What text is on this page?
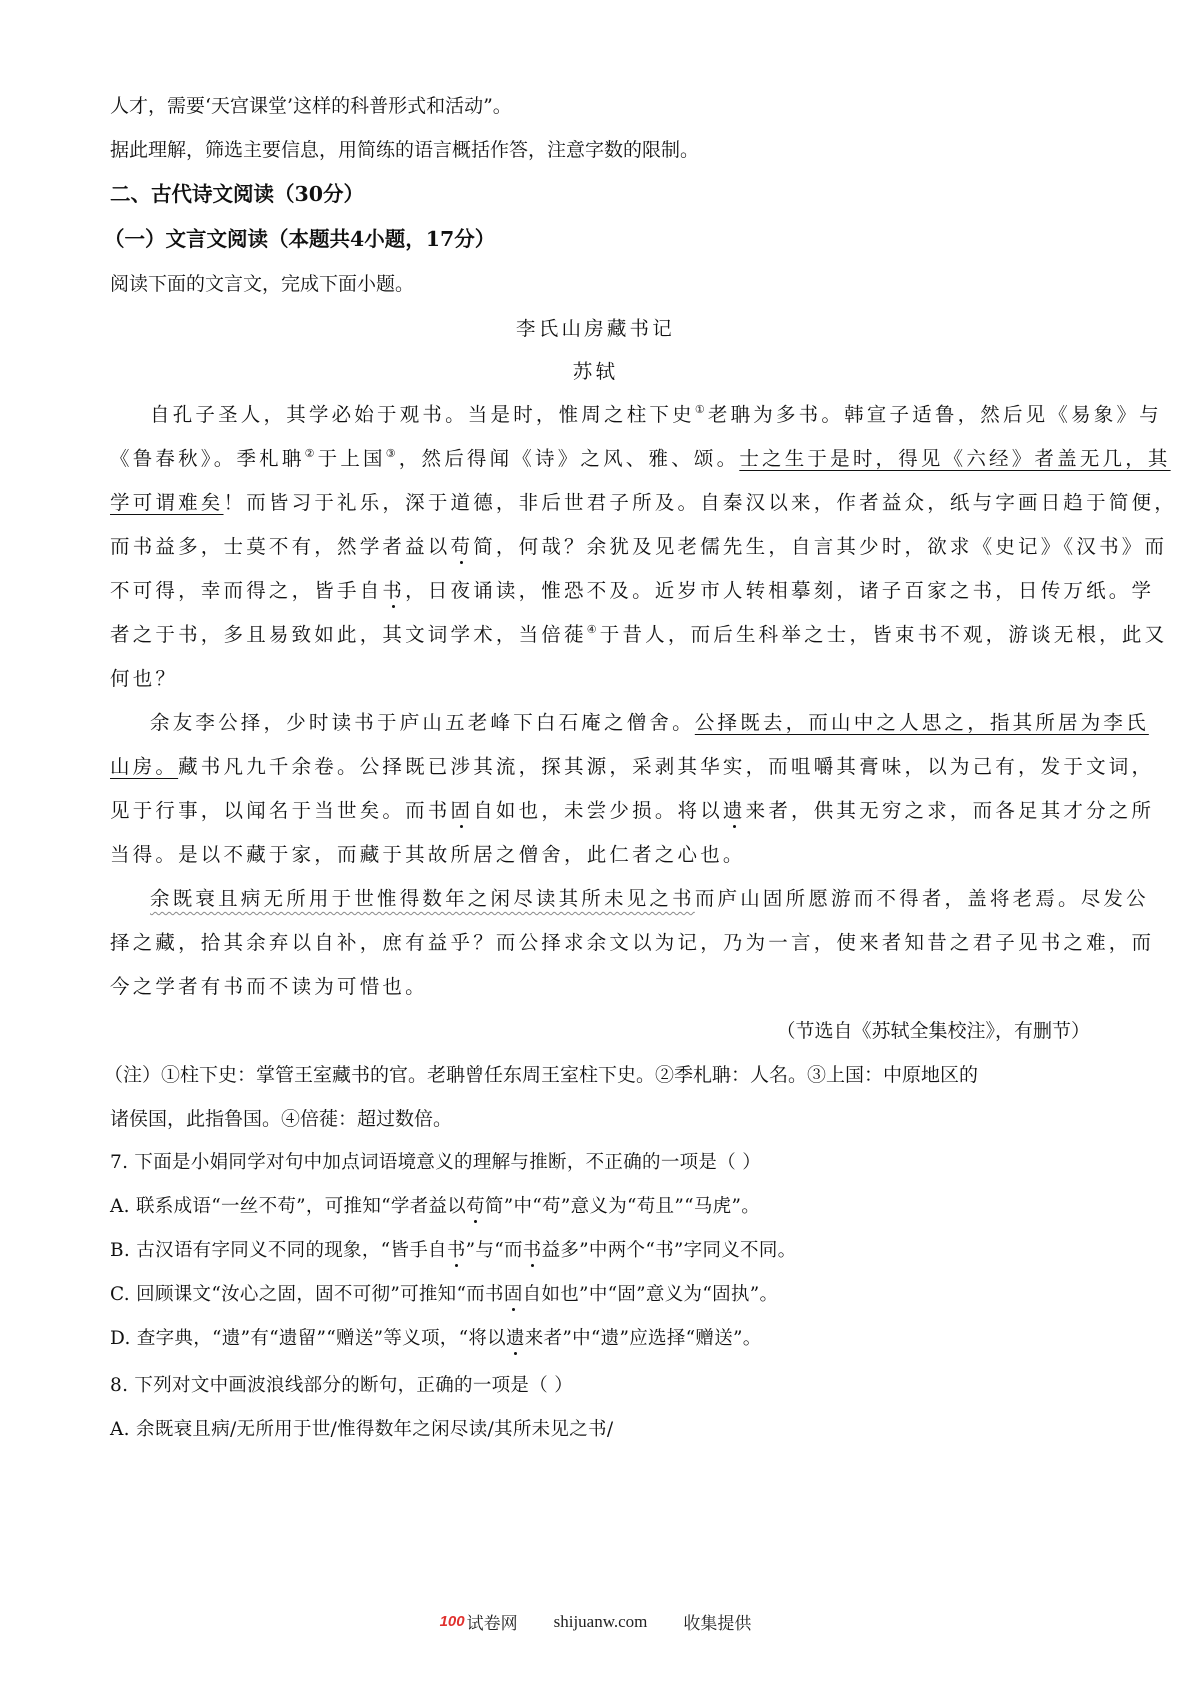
人才，需要‘天宫课堂’这样的科普形式和活动”。
据此理解，筛选主要信息，用简练的语言概括作答，注意字数的限制。
二、古代诗文阅读（30分）
（一）文言文阅读（本题共4小题，17分）
阅读下面的文言文，完成下面小题。
李氏山房藏书记
苏轼
自孔子圣人，其学必始于观书。当是时，惟周之柱下史①老聃为多书。韩宣子适鲁，然后见《易象》与
《鲁春秋》。季札聃②于上国③，然后得闻《诗》之风、雅、颂。士之生于是时，得见《六经》者盖无几，其
学可谓难矣！而皆习于礼乐，深于道德，非后世君子所及。自秦汉以来，作者益众，纸与字画日趋于简便，
而书益多，士莫不有，然学者益以苟简，何哉？余犹及见老儒先生，自言其少时，欲求《史记》《汉书》而
不可得，幸而得之，皆手自书，日夜诵读，惟恐不及。近岁市人转相摹刻，诸子百家之书，日传万纸。学
者之于书，多且易致如此，其文词学术，当倍蓰④于昔人，而后生科举之士，皆束书不观，游谈无根，此又
何也？
余友李公择，少时读书于庐山五老峰下白石庵之僧舍。公择既去，而山中之人思之，指其所居为李氏
山房。藏书凡九千余卷。公择既已涉其流，探其源，采剥其华实，而咀嚼其膏味，以为己有，发于文词，
见于行事，以闻名于当世矣。而书固自如也，未尝少损。将以遗来者，供其无穷之求，而各足其才分之所
当得。是以不藏于家，而藏于其故所居之僧舍，此仁者之心也。
余既衰且病无所用于世惟得数年之闲尽读其所未见之书而庐山固所愿游而不得者，盖将老焉。尽发公
择之藏，拾其余弃以自补，庶有益乎？而公择求余文以为记，乃为一言，使来者知昔之君子见书之难，而
今之学者有书而不读为可惜也。
（节选自《苏轼全集校注》，有删节）
（注）①柱下史：掌管王室藏书的官。老聃曾任东周王室柱下史。②季札聃：人名。③上国：中原地区的
诸侯国，此指鲁国。④倍蓰：超过数倍。
7. 下面是小娟同学对句中加点词语境意义的理解与推断，不正确的一项是（ ）
A. 联系成语“一丝不苟”，可推知“学者益以苟简”中“苟”意义为“苟且”“马虎”。
B. 古汉语有字同义不同的现象，“皆手自书”与“而书益多”中两个“书”字同义不同。
C. 回顾课文“汝心之固，固不可彻”可推知“而书固自如也”中“固”意义为“固执”。
D. 查字典，“遗”有“遗留”“赠送”等义项，“将以遗来者”中“遗”应选择“赠送”。
8. 下列对文中画波浪线部分的断句，正确的一项是（ ）
A. 余既衰且病/无所用于世/惟得数年之闲尽读/其所未见之书/
100 试卷网 shijuanw.com 收集提供
